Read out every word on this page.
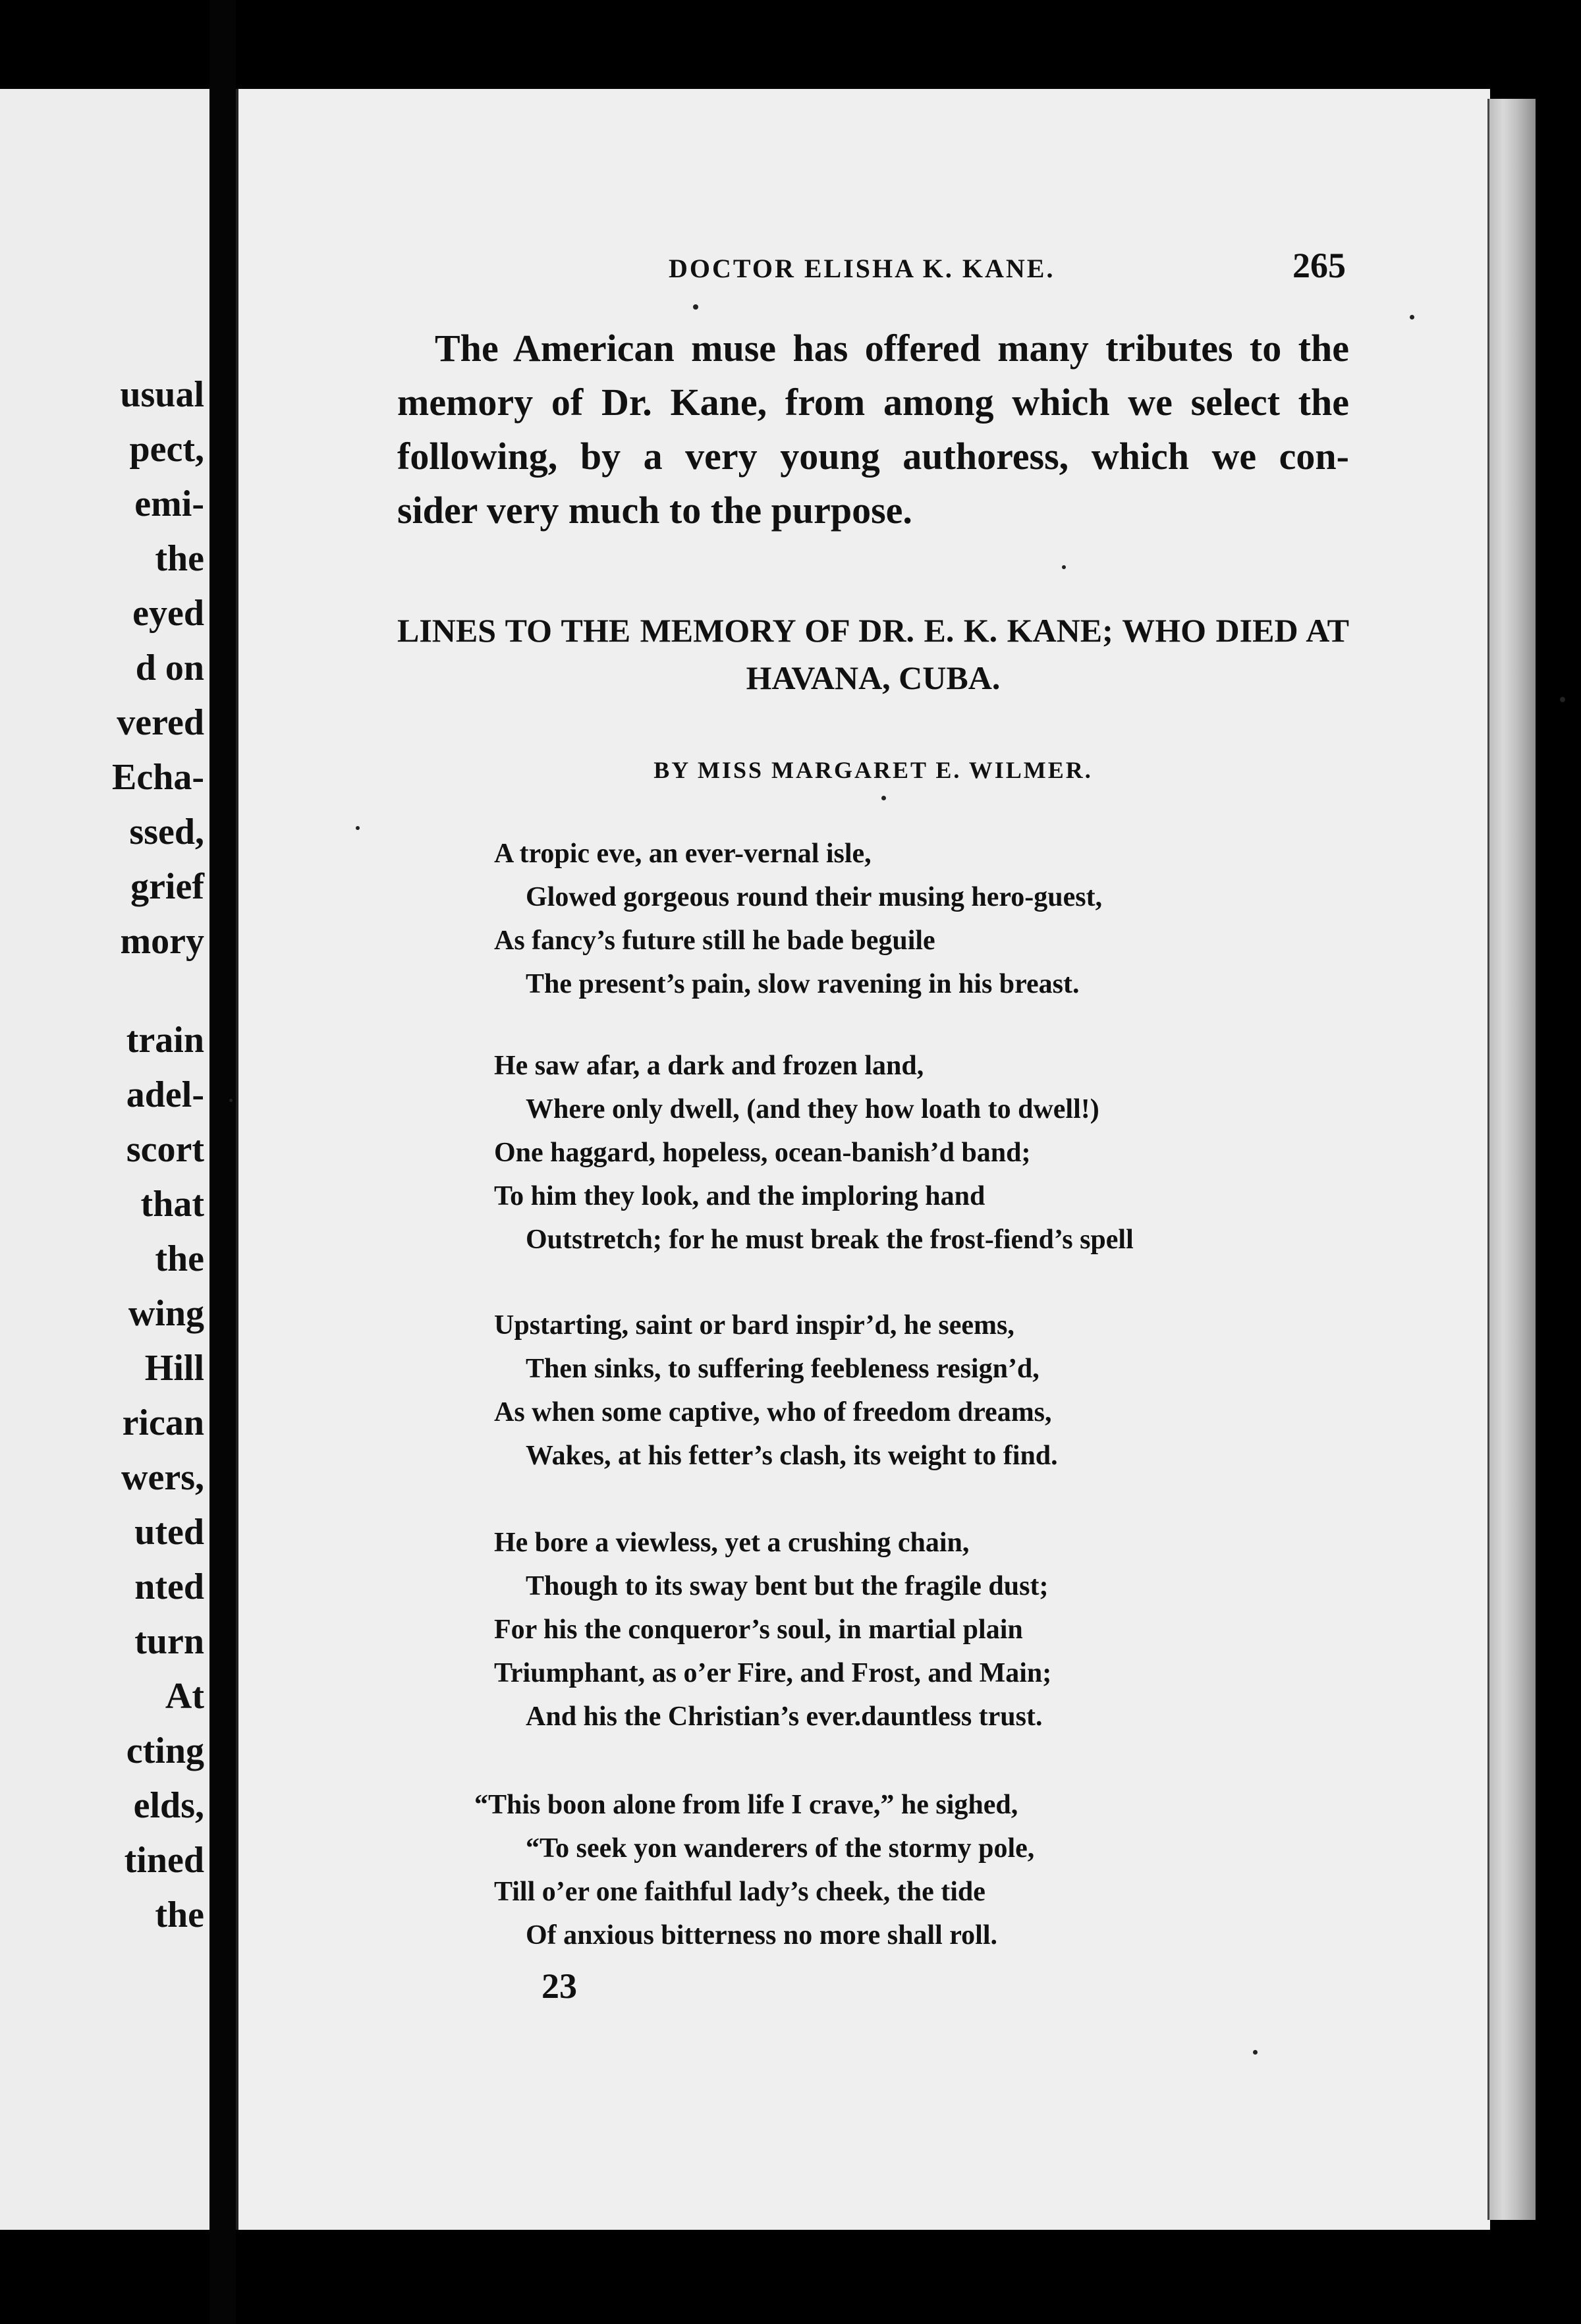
usual

pect,

emi-

the

eyed

d on

vered

Echa-

ssed,

grief

mory

train

adel-

scort

that

the

wing

Hill

rican

wers,

uted

nted

turn

At

cting

elds,

tined

the

DOCTOR ELISHA K. KANE.	265

The American muse has offered many tributes to the

memory of Dr. Kane, from among which we select the

following, by a very young authoress, which we con-

sider very much to the purpose.

LINES TO THE MEMORY OF DR. E. K. KANE; WHO DIED AT

HAVANA, CUBA.

BY MISS MARGARET E. WILMER.

A tropic eve, an ever-vernal isle,

Glowed gorgeous round their musing hero-guest,

As fancy’s future still he bade beguile

The present’s pain, slow ravening in his breast.

He saw afar, a dark and frozen land,

Where only dwell, (and they how loath to dwell!)

One haggard, hopeless, ocean-banish’d band;

To him they look, and the imploring hand

Outstretch; for he must break the frost-fiend’s spell

Upstarting, saint or bard inspir’d, he seems,

Then sinks, to suffering feebleness resign’d,

As when some captive, who of freedom dreams,

Wakes, at his fetter’s clash, its weight to find.

He bore a viewless, yet a crushing chain,

Though to its sway bent but the fragile dust;

For his the conqueror’s soul, in martial plain

Triumphant, as o’er Fire, and Frost, and Main;

And his the Christian’s ever.dauntless trust.

“This boon alone from life I crave,” he sighed,

“To seek yon wanderers of the stormy pole,

Till o’er one faithful lady’s cheek, the tide

Of anxious bitterness no more shall roll.

23
